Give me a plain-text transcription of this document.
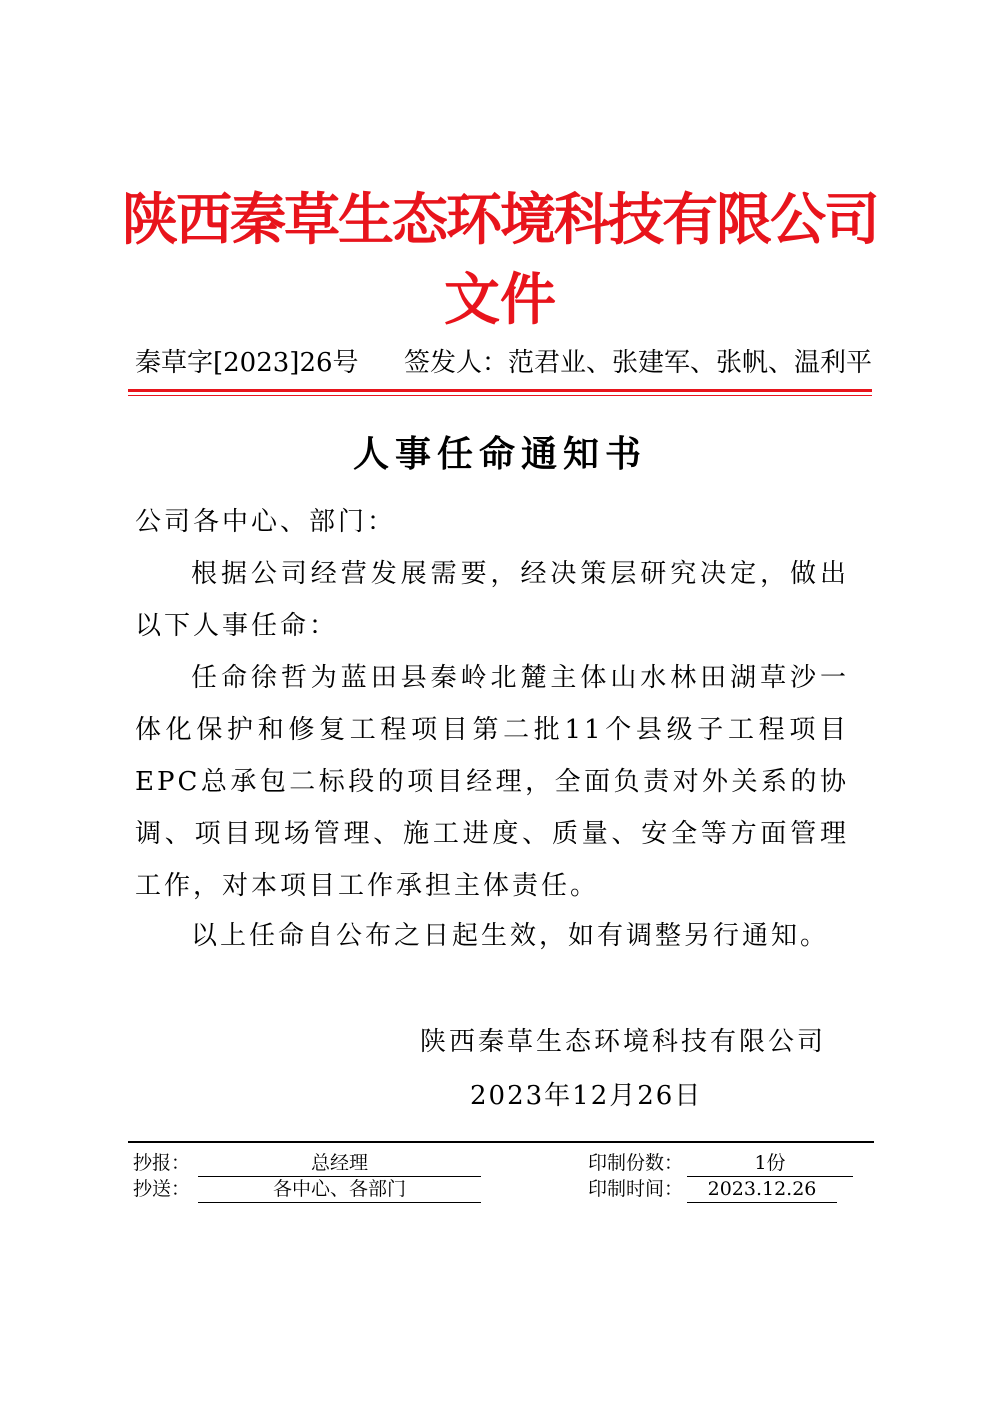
陕西秦草生态环境科技有限公司
文件
秦草字[2023]26号 签发人：范君业、张建军、张帆、温利平
人事任命通知书
公司各中心、部门：
根据公司经营发展需要，经决策层研究决定，做出以下人事任命：
任命徐哲为蓝田县秦岭北麓主体山水林田湖草沙一体化保护和修复工程项目第二批11个县级子工程项目EPC总承包二标段的项目经理，全面负责对外关系的协调、项目现场管理、施工进度、质量、安全等方面管理工作，对本项目工作承担主体责任。
以上任命自公布之日起生效，如有调整另行通知。
陕西秦草生态环境科技有限公司
2023年12月26日
抄报：	总经理
抄送：	各中心、各部门
印制份数：	1份
印制时间： 2023.12.26
